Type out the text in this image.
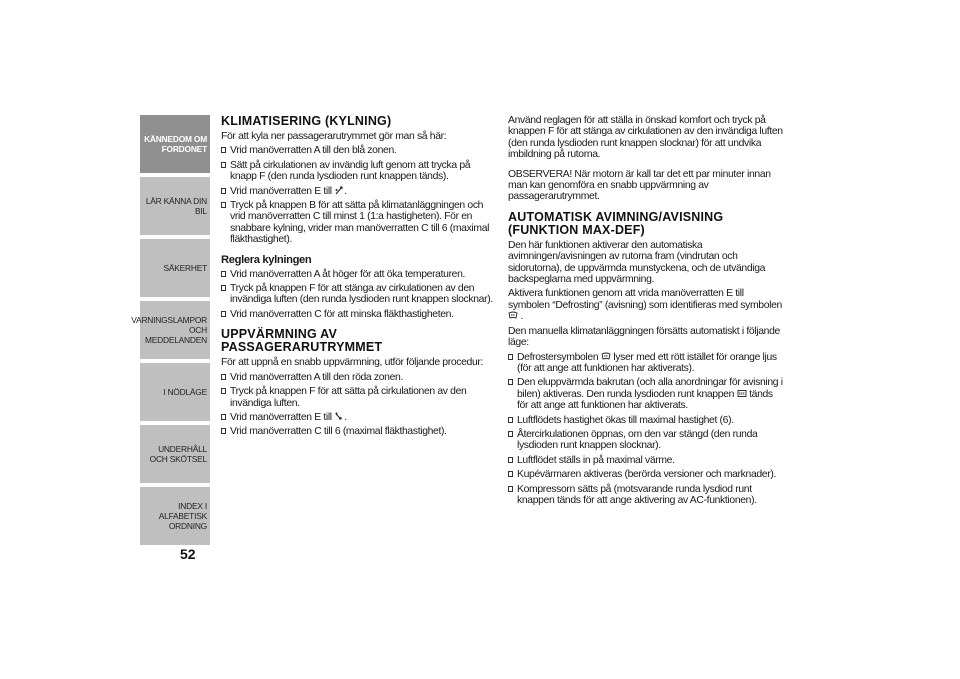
KÄNNEDOM OM FORDONET
LÄR KÄNNA DIN BIL
SÄKERHET
VARNINGSLAMPOR OCH MEDDELANDEN
I NÖDLÄGE
UNDERHÅLL OCH SKÖTSEL
INDEX I ALFABETISK ORDNING
52
KLIMATISERING (KYLNING)

För att kyla ner passagerarutrymmet gör man så här:

Vrid manöverratten A till den blå zonen.
Sätt på cirkulationen av invändig luft genom att trycka på knapp F (den runda lysdioden runt knappen tänds).
Vrid manöverratten E till .
Tryck på knappen B för att sätta på klimatanläggningen och vrid manöverratten C till minst 1 (1:a hastigheten). För en snabbare kylning, vrider man manöverratten C till 6 (maximal fläkthastighet).
Reglera kylningen
Vrid manöverratten A åt höger för att öka temperaturen.
Tryck på knappen F för att stänga av cirkulationen av den invändiga luften (den runda lysdioden runt knappen slocknar).
Vrid manöverratten C för att minska fläkthastigheten.
UPPVÄRMNING AV PASSAGERARUTRYMMET

För att uppnå en snabb uppvärmning, utför följande procedur:

Vrid manöverratten A till den röda zonen.
Tryck på knappen F för att sätta på cirkulationen av den invändiga luften.
Vrid manöverratten E till .
Vrid manöverratten C till 6 (maximal fläkthastighet).

Använd reglagen för att ställa in önskad komfort och tryck på knappen F för att stänga av cirkulationen av den invändiga luften (den runda lysdioden runt knappen slocknar) för att undvika imbildning på rutorna.

OBSERVERA! När motorn är kall tar det ett par minuter innan man kan genomföra en snabb uppvärmning av passagerarutrymmet.

AUTOMATISK AVIMNING/AVISNING (FUNKTION MAX-DEF)

Den här funktionen aktiverar den automatiska avimningen/avisningen av rutorna fram (vindrutan och sidorutorna), de uppvärmda munstyckena, och de utvändiga backspeglarna med uppvärmning.

Aktivera funktionen genom att vrida manöverratten E till symbolen “Defrosting” (avisning) som identifieras med symbolen  .

Den manuella klimatanläggningen försätts automatiskt i följande läge:

Defrostersymbolen lyser med ett rött istället för orange ljus (för att ange att funktionen har aktiverats).
Den eluppvärmda bakrutan (och alla anordningar för avisning i bilen) aktiveras. Den runda lysdioden runt knappen tänds för att ange att funktionen har aktiverats.
Luftflödets hastighet ökas till maximal hastighet (6).
Återcirkulationen öppnas, om den var stängd (den runda lysdioden runt knappen slocknar).
Luftflödet ställs in på maximal värme.
Kupévärmaren aktiveras (berörda versioner och marknader).
Kompressorn sätts på (motsvarande runda lysdiod runt knappen tänds för att ange aktivering av AC-funktionen).
